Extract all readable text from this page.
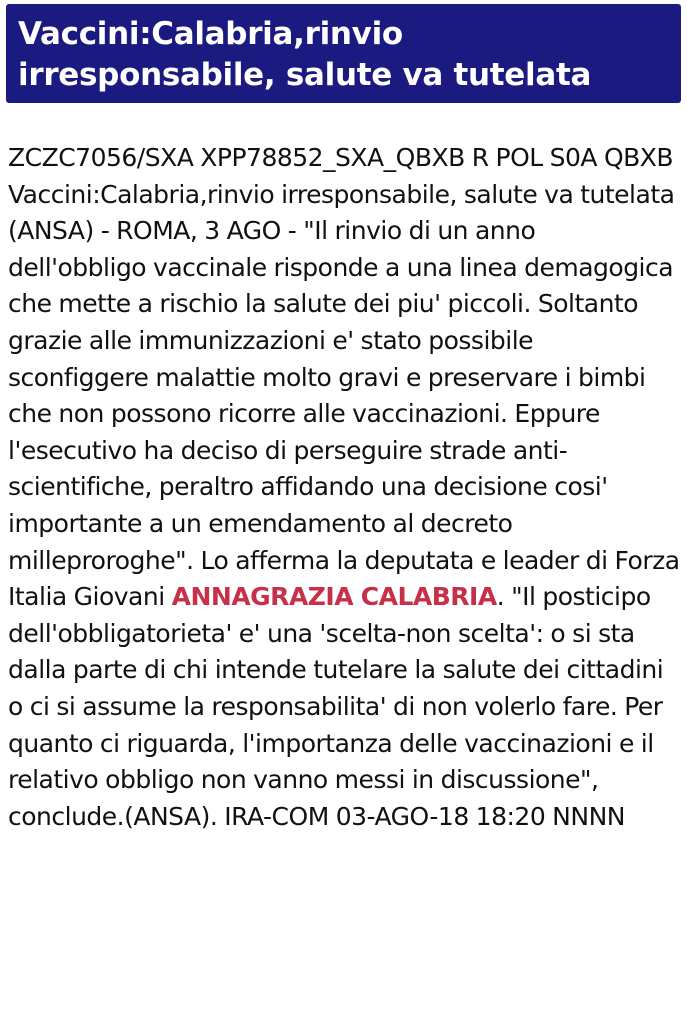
Vaccini:Calabria,rinvio irresponsabile, salute va tutelata

ZCZC7056/SXA XPP78852_SXA_QBXB R POL S0A QBXB Vaccini:Calabria,rinvio irresponsabile, salute va tutelata (ANSA) - ROMA, 3 AGO - "Il rinvio di un anno dell'obbligo vaccinale risponde a una linea demagogica che mette a rischio la salute dei piu' piccoli. Soltanto grazie alle immunizzazioni e' stato possibile sconfiggere malattie molto gravi e preservare i bimbi che non possono ricorre alle vaccinazioni. Eppure l'esecutivo ha deciso di perseguire strade anti-scientifiche, peraltro affidando una decisione cosi' importante a un emendamento al decreto milleproroghe". Lo afferma la deputata e leader di Forza Italia Giovani ANNAGRAZIA CALABRIA. "Il posticipo dell'obbligatorieta' e' una 'scelta-non scelta': o si sta dalla parte di chi intende tutelare la salute dei cittadini o ci si assume la responsabilita' di non volerlo fare. Per quanto ci riguarda, l'importanza delle vaccinazioni e il relativo obbligo non vanno messi in discussione", conclude.(ANSA). IRA-COM 03-AGO-18 18:20 NNNN
